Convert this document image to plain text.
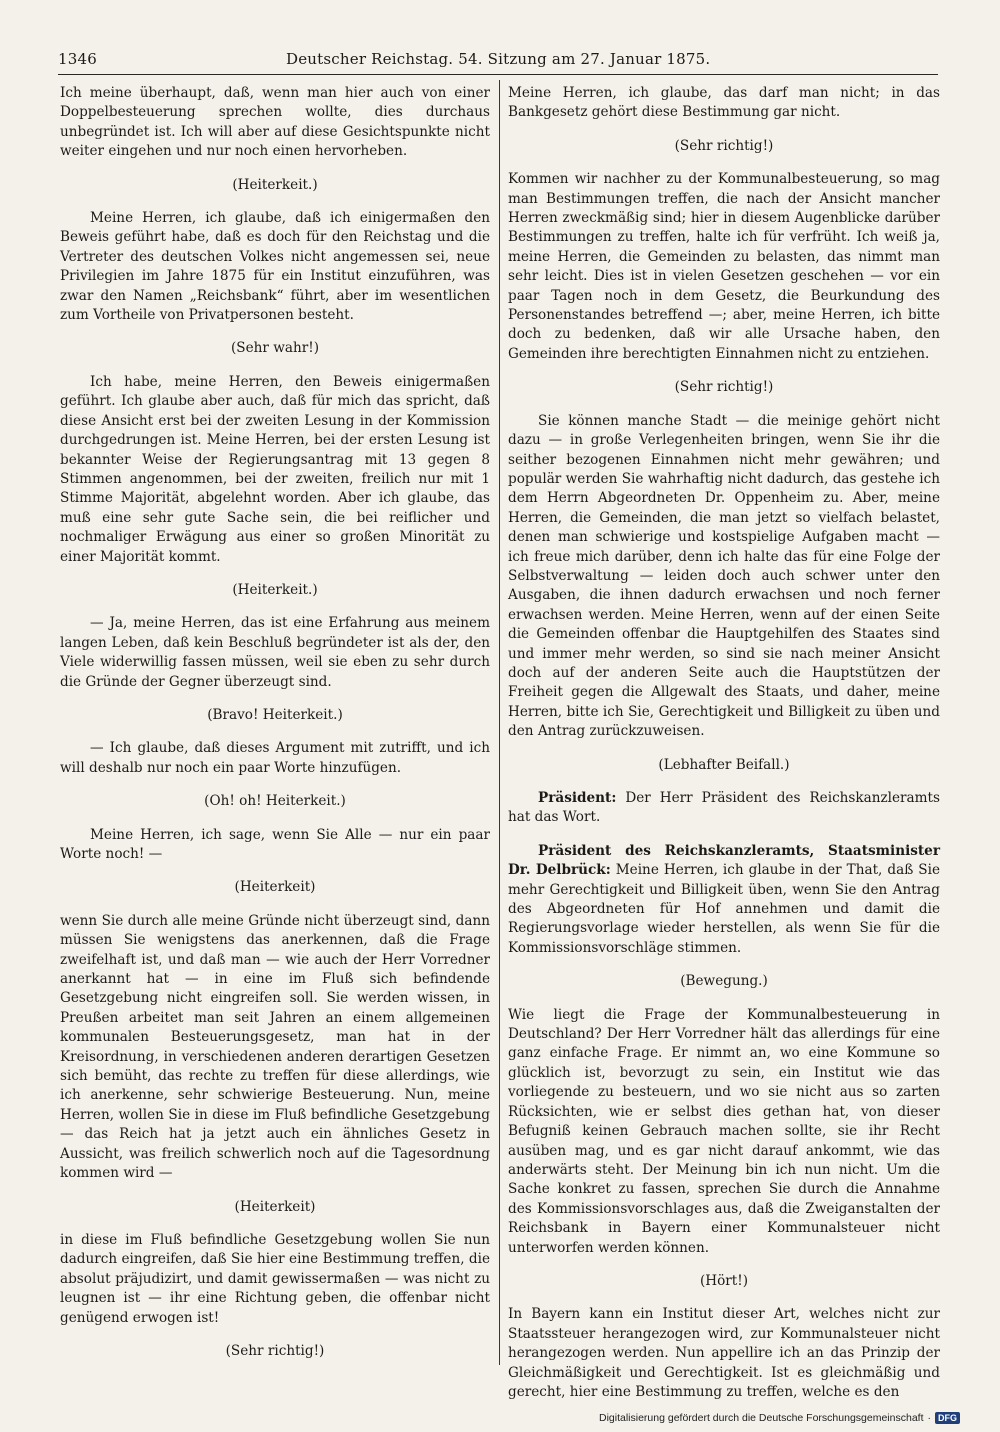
1346	Deutscher Reichstag. 54. Sitzung am 27. Januar 1875.

Ich meine überhaupt, daß, wenn man hier auch von einer Doppelbesteuerung sprechen wollte, dies durchaus unbegründet ist. Ich will aber auf diese Gesichtspunkte nicht weiter eingehen und nur noch einen hervorheben.

(Heiterkeit.)

Meine Herren, ich glaube, daß ich einigermaßen den Beweis geführt habe, daß es doch für den Reichstag und die Vertreter des deutschen Volkes nicht angemessen sei, neue Privilegien im Jahre 1875 für ein Institut einzuführen, was zwar den Namen „Reichsbank“ führt, aber im wesentlichen zum Vortheile von Privatpersonen besteht.

(Sehr wahr!)

Ich habe, meine Herren, den Beweis einigermaßen geführt. Ich glaube aber auch, daß für mich das spricht, daß diese Ansicht erst bei der zweiten Lesung in der Kommission durchgedrungen ist. Meine Herren, bei der ersten Lesung ist bekannter Weise der Regierungsantrag mit 13 gegen 8 Stimmen angenommen, bei der zweiten, freilich nur mit 1 Stimme Majorität, abgelehnt worden. Aber ich glaube, das muß eine sehr gute Sache sein, die bei reiflicher und nochmaliger Erwägung aus einer so großen Minorität zu einer Majorität kommt.

(Heiterkeit.)

— Ja, meine Herren, das ist eine Erfahrung aus meinem langen Leben, daß kein Beschluß begründeter ist als der, den Viele widerwillig fassen müssen, weil sie eben zu sehr durch die Gründe der Gegner überzeugt sind.

(Bravo! Heiterkeit.)

— Ich glaube, daß dieses Argument mit zutrifft, und ich will deshalb nur noch ein paar Worte hinzufügen.

(Oh! oh! Heiterkeit.)

Meine Herren, ich sage, wenn Sie Alle — nur ein paar Worte noch! —

(Heiterkeit)

wenn Sie durch alle meine Gründe nicht überzeugt sind, dann müssen Sie wenigstens das anerkennen, daß die Frage zweifelhaft ist, und daß man — wie auch der Herr Vorredner anerkannt hat — in eine im Fluß sich befindende Gesetzgebung nicht eingreifen soll. Sie werden wissen, in Preußen arbeitet man seit Jahren an einem allgemeinen kommunalen Besteuerungsgesetz, man hat in der Kreisordnung, in verschiedenen anderen derartigen Gesetzen sich bemüht, das rechte zu treffen für diese allerdings, wie ich anerkenne, sehr schwierige Besteuerung. Nun, meine Herren, wollen Sie in diese im Fluß befindliche Gesetzgebung — das Reich hat ja jetzt auch ein ähnliches Gesetz in Aussicht, was freilich schwerlich noch auf die Tagesordnung kommen wird —

(Heiterkeit)

in diese im Fluß befindliche Gesetzgebung wollen Sie nun dadurch eingreifen, daß Sie hier eine Bestimmung treffen, die absolut präjudizirt, und damit gewissermaßen — was nicht zu leugnen ist — ihr eine Richtung geben, die offenbar nicht genügend erwogen ist!

(Sehr richtig!)

Meine Herren, ich glaube, das darf man nicht; in das Bankgesetz gehört diese Bestimmung gar nicht.

(Sehr richtig!)

Kommen wir nachher zu der Kommunalbesteuerung, so mag man Bestimmungen treffen, die nach der Ansicht mancher Herren zweckmäßig sind; hier in diesem Augenblicke darüber Bestimmungen zu treffen, halte ich für verfrüht. Ich weiß ja, meine Herren, die Gemeinden zu belasten, das nimmt man sehr leicht. Dies ist in vielen Gesetzen geschehen — vor ein paar Tagen noch in dem Gesetz, die Beurkundung des Personenstandes betreffend —; aber, meine Herren, ich bitte doch zu bedenken, daß wir alle Ursache haben, den Gemeinden ihre berechtigten Einnahmen nicht zu entziehen.

(Sehr richtig!)

Sie können manche Stadt — die meinige gehört nicht dazu — in große Verlegenheiten bringen, wenn Sie ihr die seither bezogenen Einnahmen nicht mehr gewähren; und populär werden Sie wahrhaftig nicht dadurch, das gestehe ich dem Herrn Abgeordneten Dr. Oppenheim zu. Aber, meine Herren, die Gemeinden, die man jetzt so vielfach belastet, denen man schwierige und kostspielige Aufgaben macht — ich freue mich darüber, denn ich halte das für eine Folge der Selbstverwaltung — leiden doch auch schwer unter den Ausgaben, die ihnen dadurch erwachsen und noch ferner erwachsen werden. Meine Herren, wenn auf der einen Seite die Gemeinden offenbar die Hauptgehilfen des Staates sind und immer mehr werden, so sind sie nach meiner Ansicht doch auf der anderen Seite auch die Hauptstützen der Freiheit gegen die Allgewalt des Staats, und daher, meine Herren, bitte ich Sie, Gerechtigkeit und Billigkeit zu üben und den Antrag zurückzuweisen.

(Lebhafter Beifall.)

Präsident: Der Herr Präsident des Reichskanzleramts hat das Wort.

Präsident des Reichskanzleramts, Staatsminister Dr. Delbrück: Meine Herren, ich glaube in der That, daß Sie mehr Gerechtigkeit und Billigkeit üben, wenn Sie den Antrag des Abgeordneten für Hof annehmen und damit die Regierungsvorlage wieder herstellen, als wenn Sie für die Kommissionsvorschläge stimmen.

(Bewegung.)

Wie liegt die Frage der Kommunalbesteuerung in Deutschland? Der Herr Vorredner hält das allerdings für eine ganz einfache Frage. Er nimmt an, wo eine Kommune so glücklich ist, bevorzugt zu sein, ein Institut wie das vorliegende zu besteuern, und wo sie nicht aus so zarten Rücksichten, wie er selbst dies gethan hat, von dieser Befugniß keinen Gebrauch machen sollte, sie ihr Recht ausüben mag, und es gar nicht darauf ankommt, wie das anderwärts steht. Der Meinung bin ich nun nicht. Um die Sache konkret zu fassen, sprechen Sie durch die Annahme des Kommissionsvorschlages aus, daß die Zweiganstalten der Reichsbank in Bayern einer Kommunalsteuer nicht unterworfen werden können.

(Hört!)

In Bayern kann ein Institut dieser Art, welches nicht zur Staatssteuer herangezogen wird, zur Kommunalsteuer nicht herangezogen werden. Nun appellire ich an das Prinzip der Gleichmäßigkeit und Gerechtigkeit. Ist es gleichmäßig und gerecht, hier eine Bestimmung zu treffen, welche es den

Digitalisierung gefördert durch die Deutsche Forschungsgemeinschaft · DFG
